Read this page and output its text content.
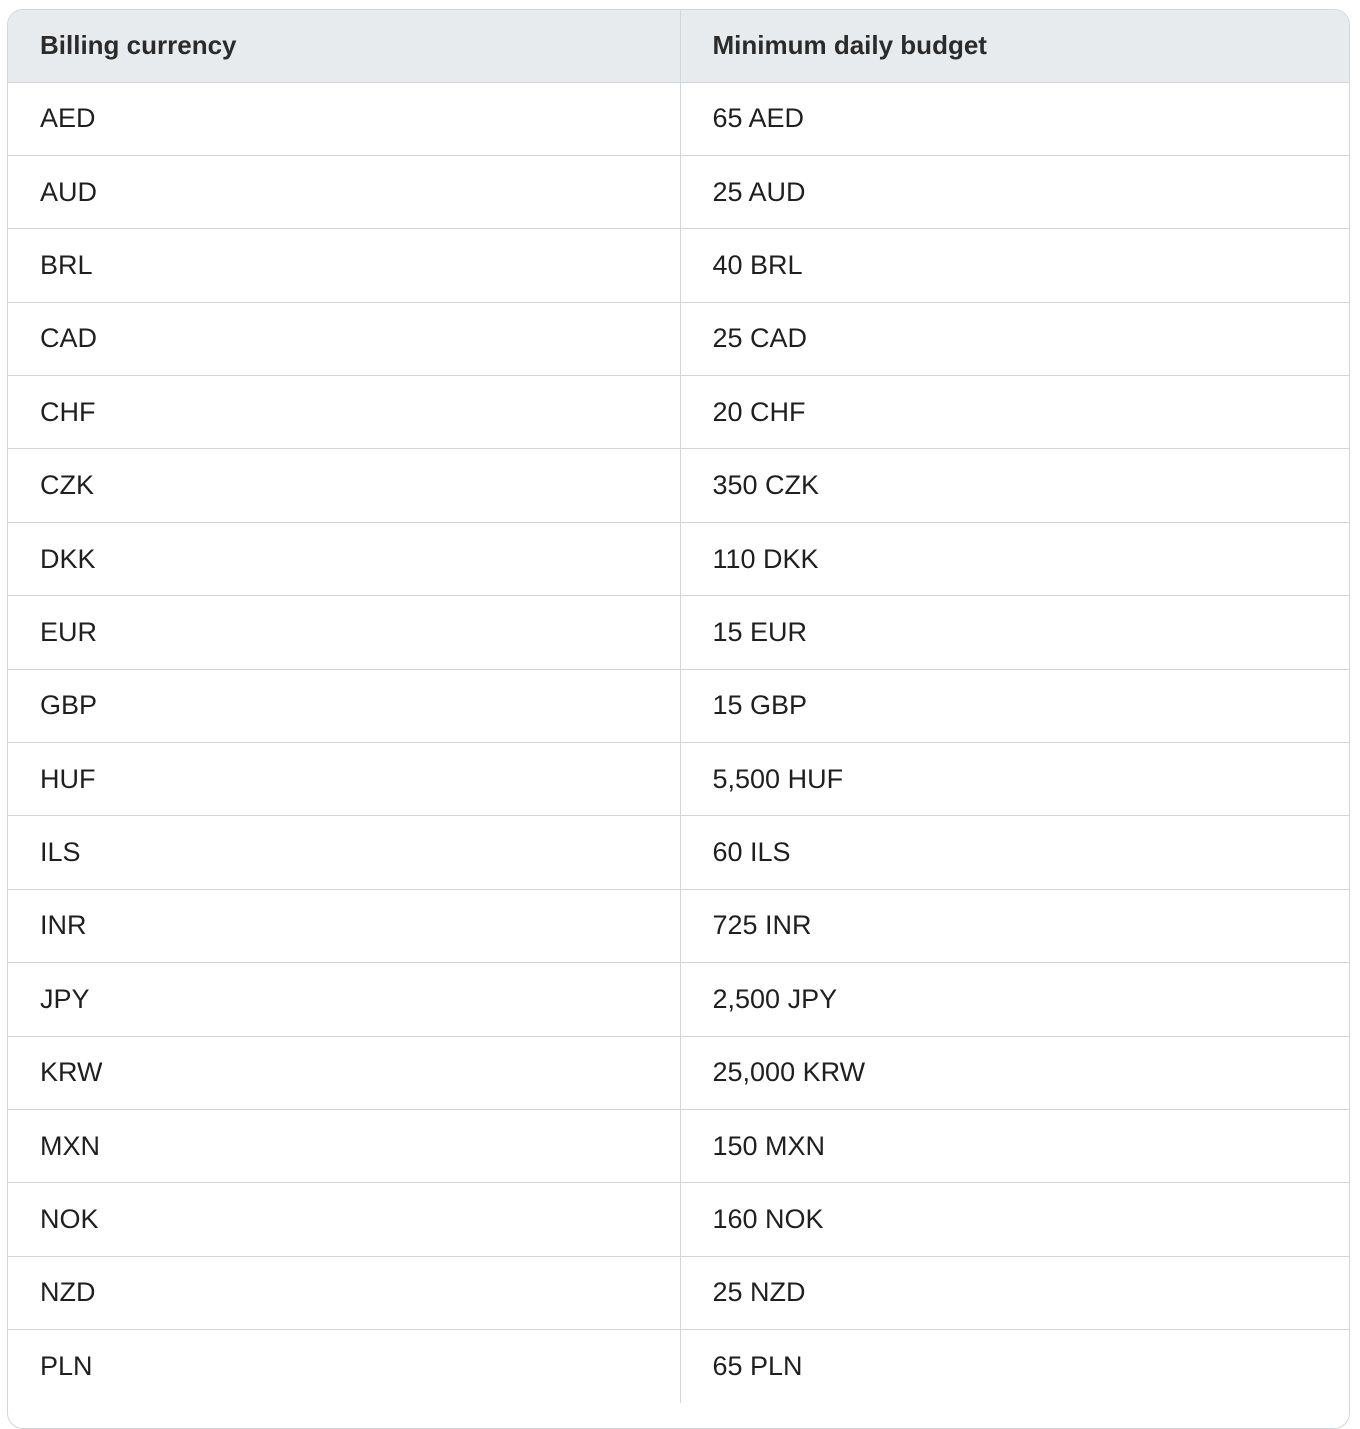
Billing currency	Minimum daily budget
AED	65 AED
AUD	25 AUD
BRL	40 BRL
CAD	25 CAD
CHF	20 CHF
CZK	350 CZK
DKK	110 DKK
EUR	15 EUR
GBP	15 GBP
HUF	5,500 HUF
ILS	60 ILS
INR	725 INR
JPY	2,500 JPY
KRW	25,000 KRW
MXN	150 MXN
NOK	160 NOK
NZD	25 NZD
PLN	65 PLN
